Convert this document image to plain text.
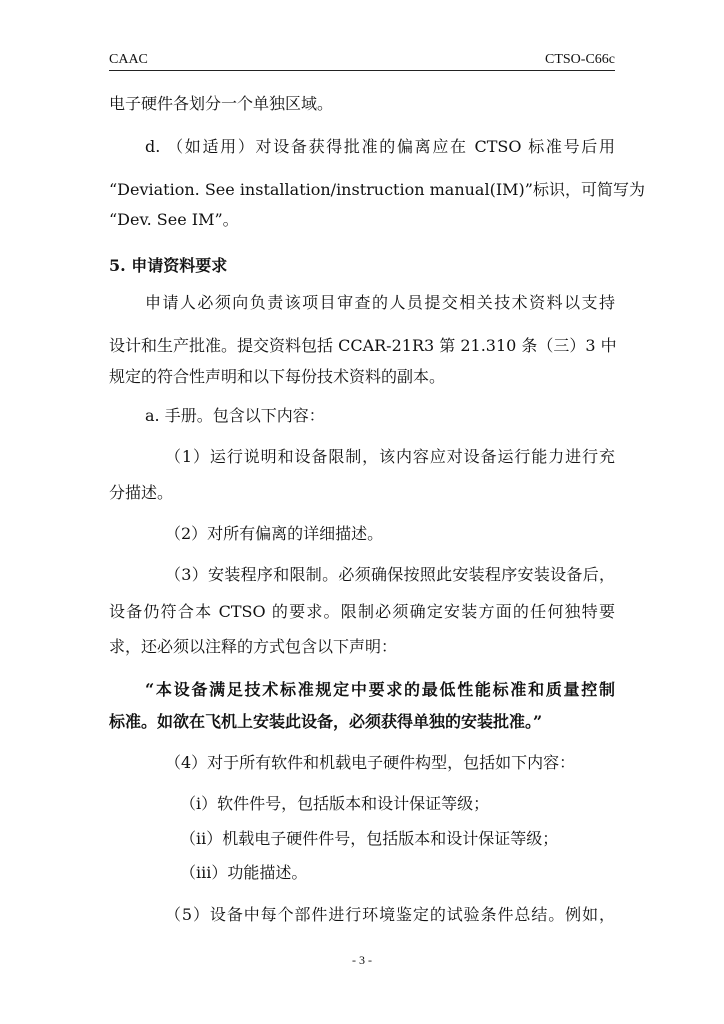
CAAC	CTSO-C66c
电子硬件各划分一个单独区域。
d. （如适用）对设备获得批准的偏离应在 CTSO 标准号后用
“Deviation. See installation/instruction manual(IM)”标识，可简写为
“Dev. See IM”。
5. 申请资料要求
申请人必须向负责该项目审查的人员提交相关技术资料以支持
设计和生产批准。提交资料包括 CCAR-21R3 第 21.310 条（三）3 中
规定的符合性声明和以下每份技术资料的副本。
a. 手册。包含以下内容：
（1）运行说明和设备限制，该内容应对设备运行能力进行充
分描述。
（2）对所有偏离的详细描述。
（3）安装程序和限制。必须确保按照此安装程序安装设备后，
设备仍符合本 CTSO 的要求。限制必须确定安装方面的任何独特要
求，还必须以注释的方式包含以下声明：
“本设备满足技术标准规定中要求的最低性能标准和质量控制
标准。如欲在飞机上安装此设备，必须获得单独的安装批准。”
（4）对于所有软件和机载电子硬件构型，包括如下内容：
（i）软件件号，包括版本和设计保证等级；
（ii）机载电子硬件件号，包括版本和设计保证等级；
（iii）功能描述。
（5）设备中每个部件进行环境鉴定的试验条件总结。例如，
- 3 -
